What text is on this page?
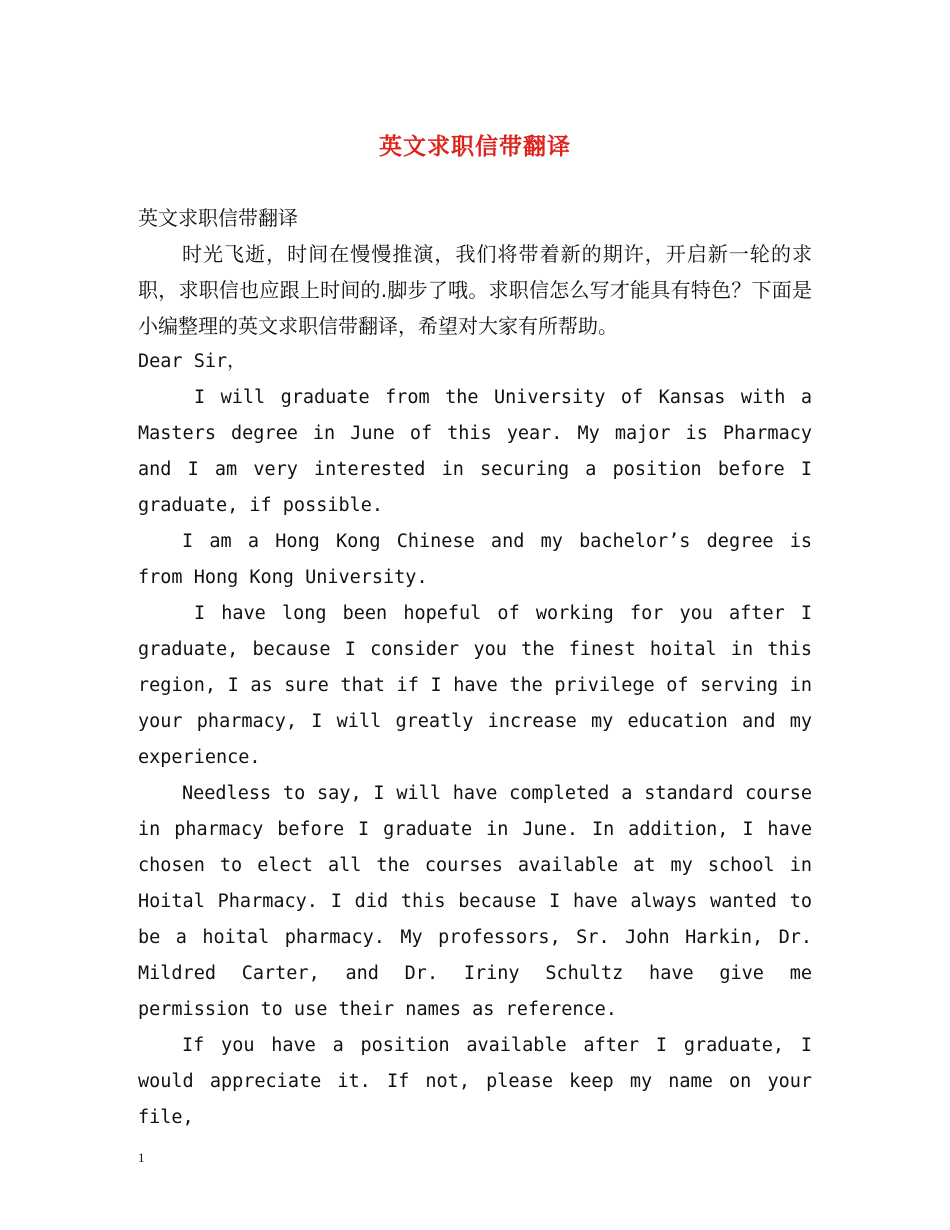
英文求职信带翻译

英文求职信带翻译

时光飞逝，时间在慢慢推演，我们将带着新的期许，开启新一轮的求职，求职信也应跟上时间的.脚步了哦。求职信怎么写才能具有特色？下面是小编整理的英文求职信带翻译，希望对大家有所帮助。

Dear Sir，

I will graduate from the University of Kansas with a Masters degree in June of this year. My major is Pharmacy and I am very interested in securing a position before I graduate, if possible.

I am a Hong Kong Chinese and my bachelor’s degree is from Hong Kong University.

I have long been hopeful of working for you after I graduate, because I consider you the finest hoital in this region, I as sure that if I have the privilege of serving in your pharmacy, I will greatly increase my education and my experience.

Needless to say, I will have completed a standard course in pharmacy before I graduate in June. In addition, I have chosen to elect all the courses available at my school in Hoital Pharmacy. I did this because I have always wanted to be a hoital pharmacy. My professors, Sr. John Harkin, Dr. Mildred Carter, and Dr. Iriny Schultz have give me permission to use their names as reference.

If you have a position available after I graduate, I would appreciate it. If not, please keep my name on your file,

1
